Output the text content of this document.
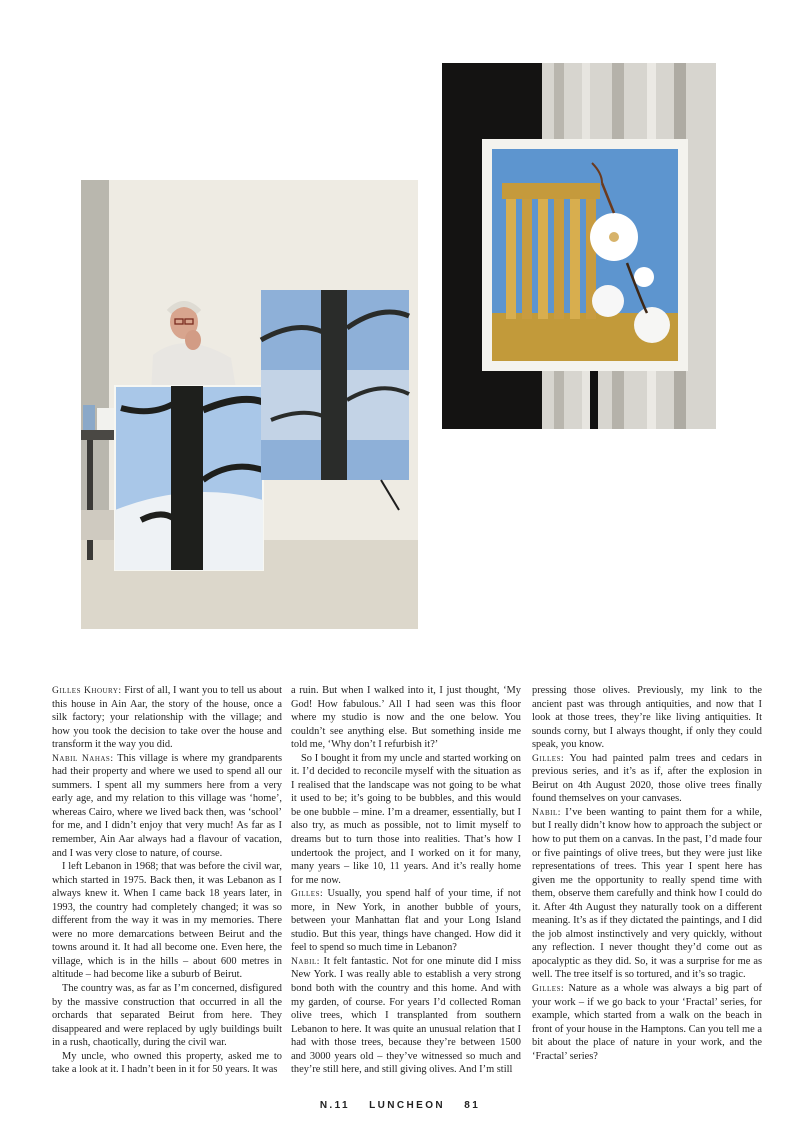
Gilles Khoury: First of all, I want you to tell us about this house in Ain Aar, the story of the house, once a silk factory; your relationship with the village; and how you took the decision to take over the house and transform it the way you did.

Nabil Nahas: This village is where my grandparents had their property and where we used to spend all our summers. I spent all my summers here from a very early age, and my relation to this village was ‘home’, whereas Cairo, where we lived back then, was ‘school’ for me, and I didn’t enjoy that very much! As far as I remember, Ain Aar always had a flavour of vacation, and I was very close to nature, of course.

I left Lebanon in 1968; that was before the civil war, which started in 1975. Back then, it was Lebanon as I always knew it. When I came back 18 years later, in 1993, the country had completely changed; it was so different from the way it was in my memories. There were no more demarcations between Beirut and the towns around it. It had all become one. Even here, the village, which is in the hills – about 600 metres in altitude – had become like a suburb of Beirut.

The country was, as far as I’m concerned, disfigured by the massive construction that occurred in all the orchards that separated Beirut from here. They disappeared and were replaced by ugly buildings built in a rush, chaotically, during the civil war.

My uncle, who owned this property, asked me to take a look at it. I hadn’t been in it for 50 years. It was

a ruin. But when I walked into it, I just thought, ‘My God! How fabulous.’ All I had seen was this floor where my studio is now and the one below. You couldn’t see anything else. But something inside me told me, ‘Why don’t I refurbish it?’

So I bought it from my uncle and started working on it. I’d decided to reconcile myself with the situation as I realised that the landscape was not going to be what it used to be; it’s going to be bubbles, and this would be one bubble – mine. I’m a dreamer, essentially, but I also try, as much as possible, not to limit myself to dreams but to turn those into realities. That’s how I undertook the project, and I worked on it for many, many years – like 10, 11 years. And it’s really home for me now.

Gilles: Usually, you spend half of your time, if not more, in New York, in another bubble of yours, between your Manhattan flat and your Long Island studio. But this year, things have changed. How did it feel to spend so much time in Lebanon?

Nabil: It felt fantastic. Not for one minute did I miss New York. I was really able to establish a very strong bond both with the country and this home. And with my garden, of course. For years I’d collected Roman olive trees, which I transplanted from southern Lebanon to here. It was quite an unusual relation that I had with those trees, because they’re between 1500 and 3000 years old – they’ve witnessed so much and they’re still here, and still giving olives. And I’m still

pressing those olives. Previously, my link to the ancient past was through antiquities, and now that I look at those trees, they’re like living antiquities. It sounds corny, but I always thought, if only they could speak, you know.

Gilles: You had painted palm trees and cedars in previous series, and it’s as if, after the explosion in Beirut on 4th August 2020, those olive trees finally found themselves on your canvases.

Nabil: I’ve been wanting to paint them for a while, but I really didn’t know how to approach the subject or how to put them on a canvas. In the past, I’d made four or five paintings of olive trees, but they were just like representations of trees. This year I spent here has given me the opportunity to really spend time with them, observe them carefully and think how I could do it. After 4th August they naturally took on a different meaning. It’s as if they dictated the paintings, and I did the job almost instinctively and very quickly, without any reflection. I never thought they’d come out as apocalyptic as they did. So, it was a surprise for me as well. The tree itself is so tortured, and it’s so tragic.

Gilles: Nature as a whole was always a big part of your work – if we go back to your ‘Fractal’ series, for example, which started from a walk on the beach in front of your house in the Hamptons. Can you tell me a bit about the place of nature in your work, and the ‘Fractal’ series?

N.11 LUNCHEON 81
